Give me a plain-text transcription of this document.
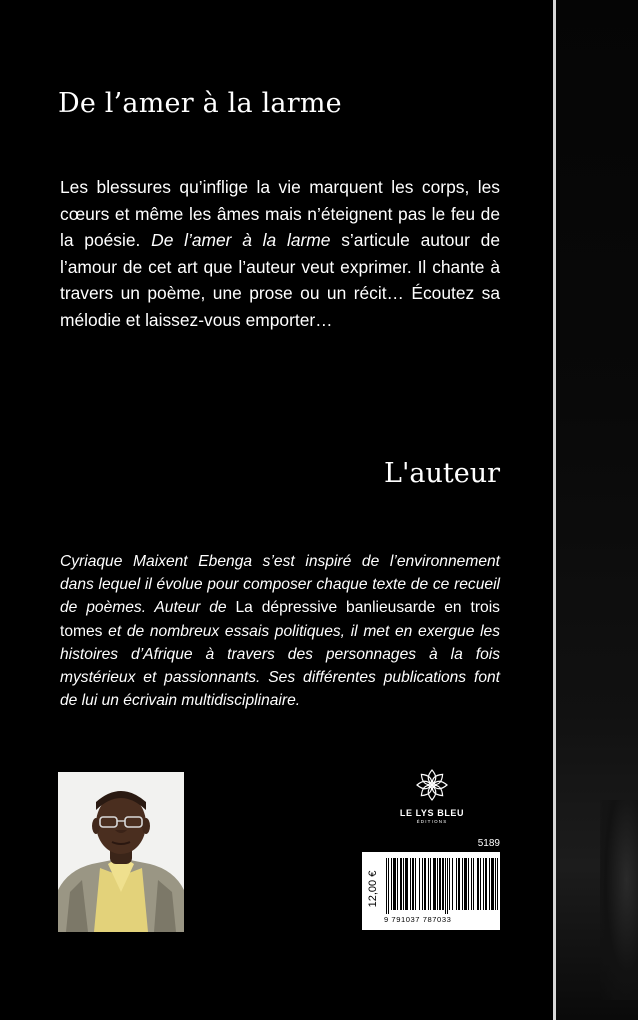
De l’amer à la larme

Les blessures qu’inflige la vie marquent les corps, les cœurs et même les âmes mais n’éteignent pas le feu de la poésie. De l’amer à la larme s’articule autour de l’amour de cet art que l’auteur veut exprimer. Il chante à travers un poème, une prose ou un récit… Écoutez sa mélodie et laissez-vous emporter…

L'auteur

Cyriaque Maixent Ebenga s’est inspiré de l’environnement dans lequel il évolue pour composer chaque texte de ce recueil de poèmes. Auteur de La dépressive banlieusarde en trois tomes et de nombreux essais politiques, il met en exergue les histoires d’Afrique à travers des personnages à la fois mystérieux et passionnants. Ses différentes publications font de lui un écrivain multidisciplinaire.

LE LYS BLEU
ÉDITIONS
5189
12,00 €
9 791037 787033
